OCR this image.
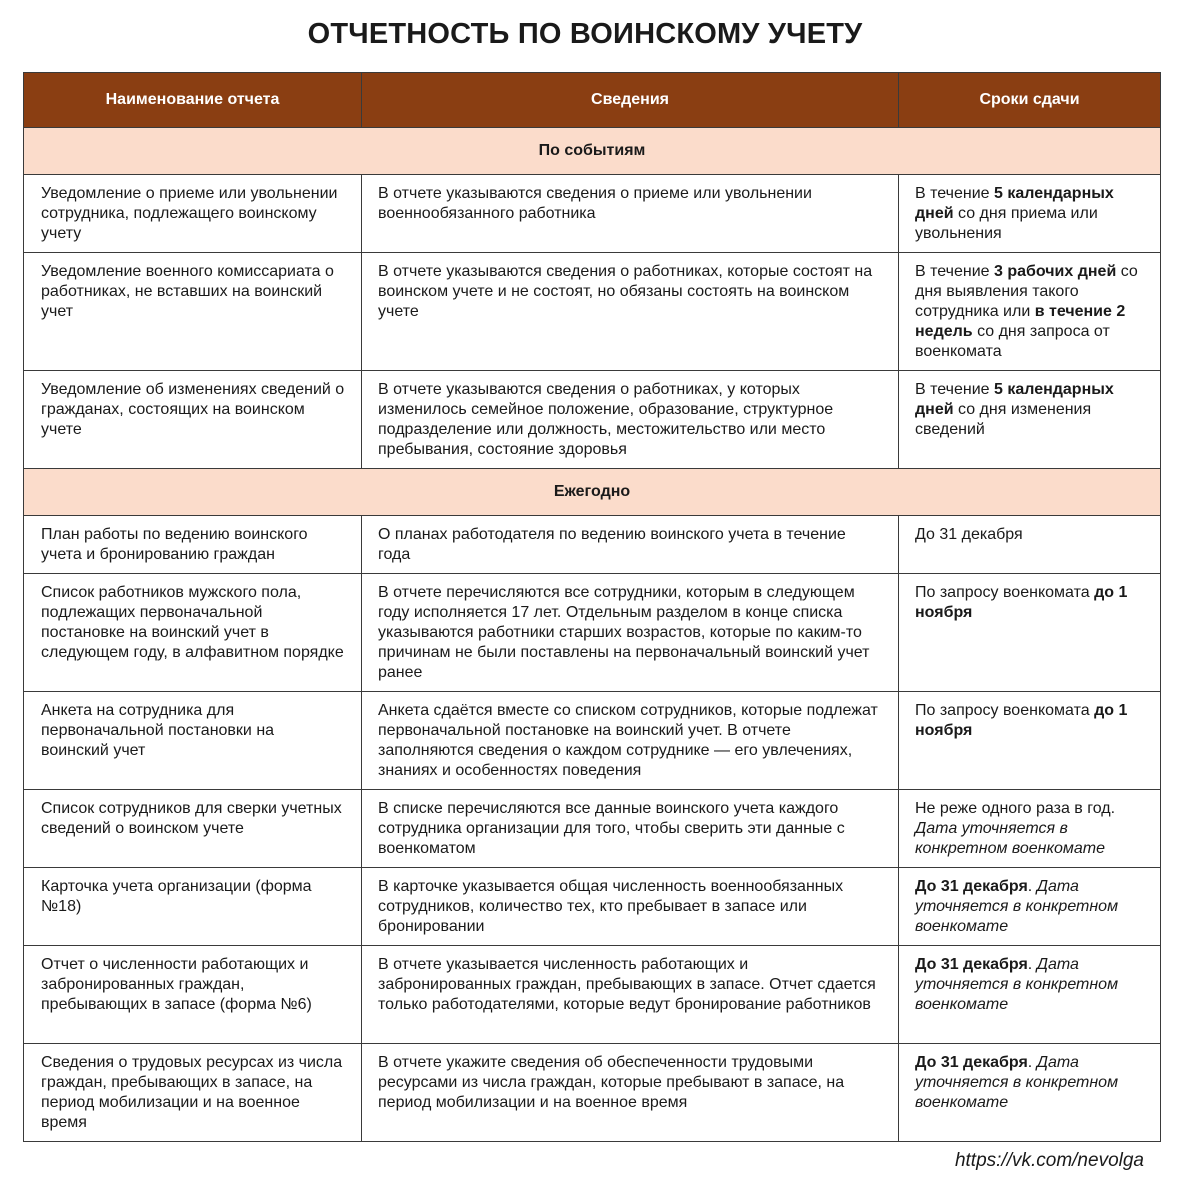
ОТЧЕТНОСТЬ ПО ВОИНСКОМУ УЧЕТУ
Наименование отчета	Сведения	Сроки сдачи
По событиям		
Уведомление о приеме или увольнении сотрудника, подлежащего воинскому учету	В отчете указываются сведения о приеме или увольнении военнообязанного работника	В течение 5 календарных дней со дня приема или увольнения
Уведомление военного комиссариата о работниках, не вставших на воинский учет	В отчете указываются сведения о работниках, которые состоят на воинском учете и не состоят, но обязаны состоять на воинском учете	В течение 3 рабочих дней со дня выявления такого сотрудника или в течение 2 недель со дня запроса от военкомата
Уведомление об изменениях сведений о гражданах, состоящих на воинском учете	В отчете указываются сведения о работниках, у которых изменилось семейное положение, образование, структурное подразделение или должность, местожительство или место пребывания, состояние здоровья	В течение 5 календарных дней со дня изменения сведений
Ежегодно		
План работы по ведению воинского учета и бронированию граждан	О планах работодателя по ведению воинского учета в течение года	До 31 декабря
Список работников мужского пола, подлежащих первоначальной постановке на воинский учет в следующем году, в алфавитном порядке	В отчете перечисляются все сотрудники, которым в следующем году исполняется 17 лет. Отдельным разделом в конце списка указываются работники старших возрастов, которые по каким-то причинам не были поставлены на первоначальный воинский учет ранее	По запросу военкомата до 1 ноября
Анкета на сотрудника для первоначальной постановки на воинский учет	Анкета сдаётся вместе со списком сотрудников, которые подлежат первоначальной постановке на воинский учет. В отчете заполняются сведения о каждом сотруднике — его увлечениях, знаниях и особенностях поведения	По запросу военкомата до 1 ноября
Список сотрудников для сверки учетных сведений о воинском учете	В списке перечисляются все данные воинского учета каждого сотрудника организации для того, чтобы сверить эти данные с военкоматом	Не реже одного раза в год. Дата уточняется в конкретном военкомате
Карточка учета организации (форма №18)	В карточке указывается общая численность военнообязанных сотрудников, количество тех, кто пребывает в запасе или бронировании	До 31 декабря. Дата уточняется в конкретном военкомате
Отчет о численности работающих и забронированных граждан, пребывающих в запасе (форма №6)	В отчете указывается численность работающих и забронированных граждан, пребывающих в запасе. Отчет сдается только работодателями, которые ведут бронирование работников	До 31 декабря. Дата уточняется в конкретном военкомате
Сведения о трудовых ресурсах из числа граждан, пребывающих в запасе, на период мобилизации и на военное время	В отчете укажите сведения об обеспеченности трудовыми ресурсами из числа граждан, которые пребывают в запасе, на период мобилизации и на военное время	До 31 декабря. Дата уточняется в конкретном военкомате
https://vk.com/nevolga
